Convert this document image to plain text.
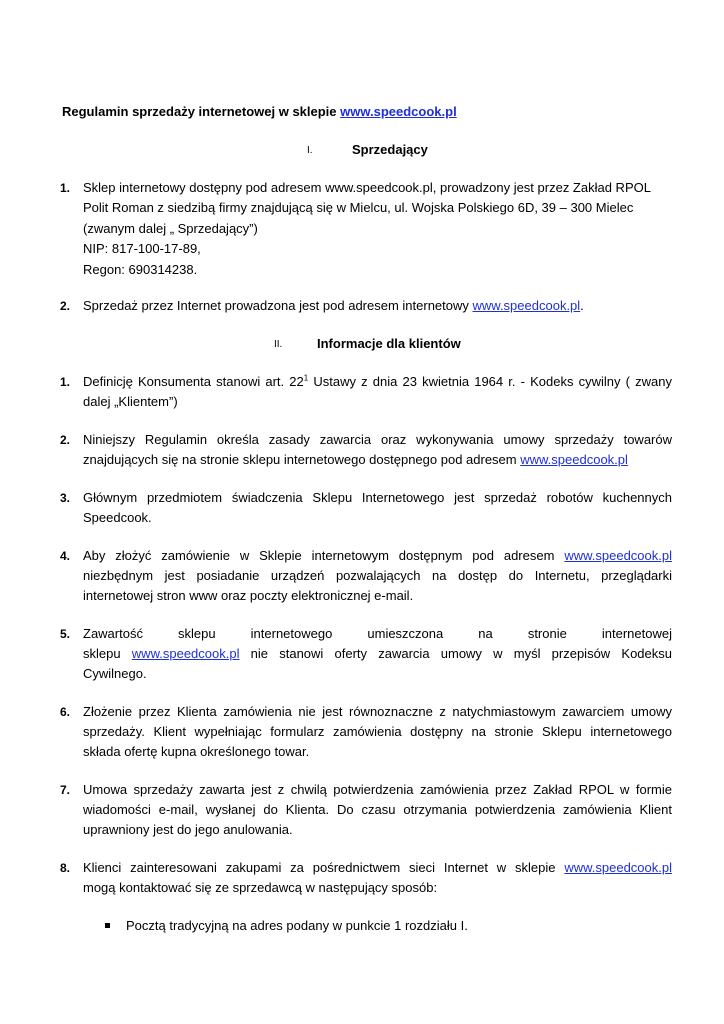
Regulamin sprzedaży internetowej w sklepie www.speedcook.pl
I.	Sprzedający
1. Sklep internetowy dostępny pod adresem www.speedcook.pl, prowadzony jest przez Zakład RPOL
Polit Roman z siedzibą firmy znajdującą się w Mielcu, ul. Wojska Polskiego 6D, 39 – 300 Mielec
(zwanym dalej „ Sprzedający”)
NIP: 817-100-17-89,
Regon: 690314238.
2. Sprzedaż przez Internet prowadzona jest pod adresem internetowy www.speedcook.pl.
II.	Informacje dla klientów
1. Definicję Konsumenta stanowi art. $22^1$ Ustawy z dnia 23 kwietnia 1964 r. - Kodeks cywilny ( zwany
dalej „Klientem”)
2. Niniejszy Regulamin określa zasady zawarcia oraz wykonywania umowy sprzedaży towarów
znajdujących się na stronie sklepu internetowego dostępnego pod adresem www.speedcook.pl
3. Głównym przedmiotem świadczenia Sklepu Internetowego jest sprzedaż robotów kuchennych
Speedcook.
4. Aby złożyć zamówienie w Sklepie internetowym dostępnym pod adresem www.speedcook.pl
niezbędnym jest posiadanie urządzeń pozwalających na dostęp do Internetu, przeglądarki
internetowej stron www oraz poczty elektronicznej e-mail.
5. Zawartość sklepu internetowego umieszczona na stronie internetowej
sklepu www.speedcook.pl nie stanowi oferty zawarcia umowy w myśl przepisów Kodeksu
Cywilnego.
6. Złożenie przez Klienta zamówienia nie jest równoznaczne z natychmiastowym zawarciem umowy
sprzedaży. Klient wypełniając formularz zamówienia dostępny na stronie Sklepu internetowego
składa ofertę kupna określonego towar.
7. Umowa sprzedaży zawarta jest z chwilą potwierdzenia zamówienia przez Zakład RPOL w formie
wiadomości e-mail, wysłanej do Klienta. Do czasu otrzymania potwierdzenia zamówienia Klient
uprawniony jest do jego anulowania.
8. Klienci zainteresowani zakupami za pośrednictwem sieci Internet w sklepie www.speedcook.pl
mogą kontaktować się ze sprzedawcą w następujący sposób:
Pocztą tradycyjną na adres podany w punkcie 1 rozdziału I.
